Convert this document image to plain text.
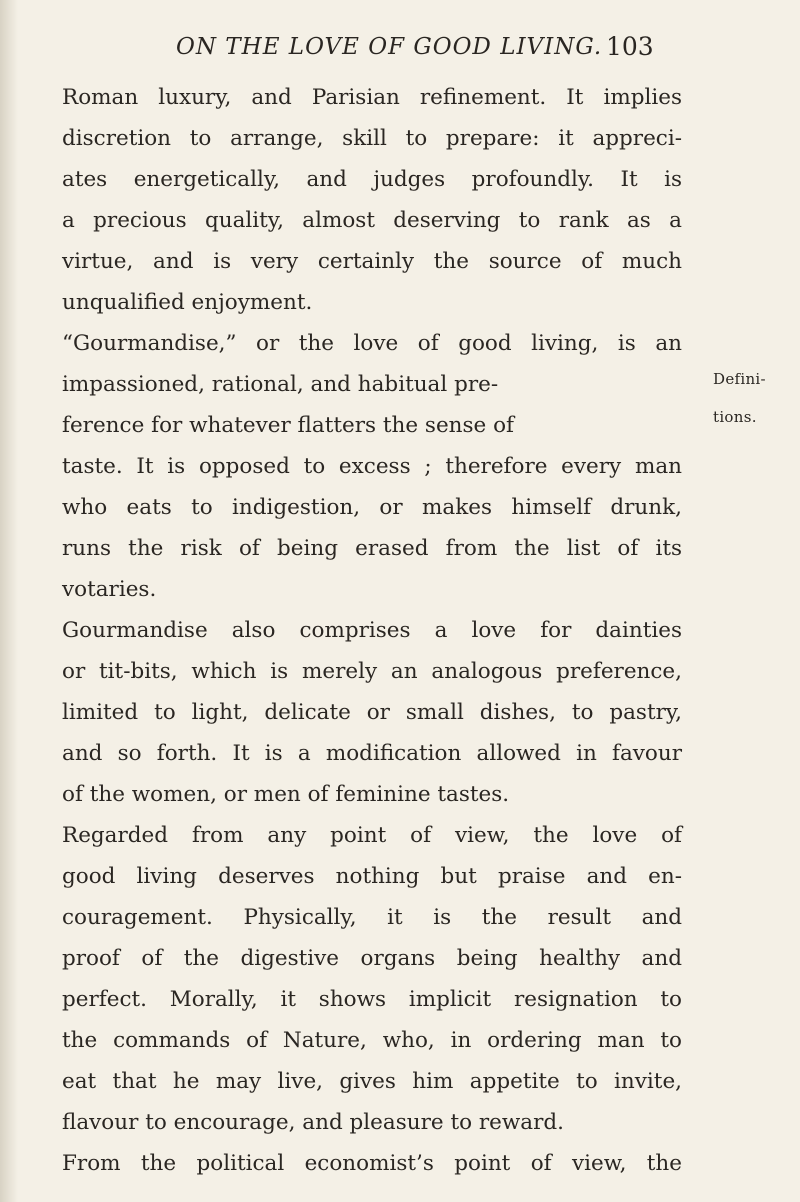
ON THE LOVE OF GOOD LIVING. 103
Roman luxury, and Parisian refinement. It implies
discretion to arrange, skill to prepare: it appreci-
ates energetically, and judges profoundly. It is
a precious quality, almost deserving to rank as a
virtue, and is very certainly the source of much
unqualified enjoyment.
“Gourmandise,” or the love of good living, is an
impassioned, rational, and habitual pre-
ference for whatever flatters the sense of
taste. It is opposed to excess ; therefore every man
who eats to indigestion, or makes himself drunk,
runs the risk of being erased from the list of its
votaries.
Gourmandise also comprises a love for dainties
or tit-bits, which is merely an analogous preference,
limited to light, delicate or small dishes, to pastry,
and so forth. It is a modification allowed in favour
of the women, or men of feminine tastes.
Regarded from any point of view, the love of
good living deserves nothing but praise and en-
couragement. Physically, it is the result and
proof of the digestive organs being healthy and
perfect. Morally, it shows implicit resignation to
the commands of Nature, who, in ordering man to
eat that he may live, gives him appetite to invite,
flavour to encourage, and pleasure to reward.
From the political economist’s point of view, the
Defini-
tions.
